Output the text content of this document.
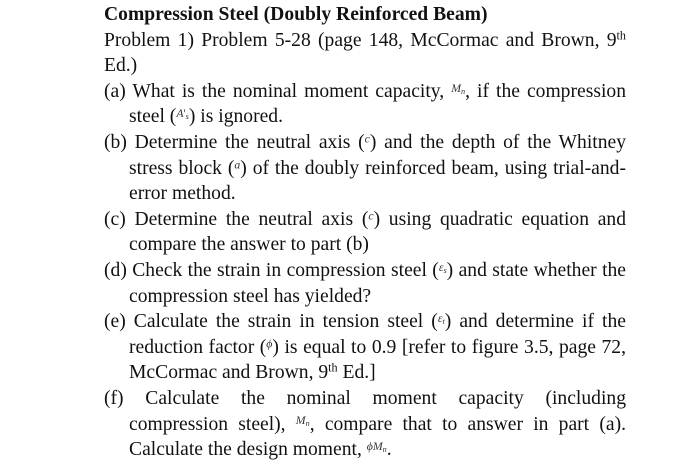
Compression Steel (Doubly Reinforced Beam)
Problem 1) Problem 5-28 (page 148, McCormac and Brown, 9th Ed.)
(a) What is the nominal moment capacity, $^{M_n}$, if the compression steel ($^{A'_s}$) is ignored.
(b) Determine the neutral axis ($^c$) and the depth of the Whitney stress block ($^a$) of the doubly reinforced beam, using trial-and-error method.
(c) Determine the neutral axis ($^c$) using quadratic equation and compare the answer to part (b)
(d) Check the strain in compression steel ($^{\varepsilon_s}$) and state whether the compression steel has yielded?
(e) Calculate the strain in tension steel ($^{\varepsilon_t}$) and determine if the reduction factor ($^\phi$) is equal to 0.9 [refer to figure 3.5, page 72, McCormac and Brown, 9th Ed.]
(f) Calculate the nominal moment capacity (including compression steel), $^{M_n}$, compare that to answer in part (a). Calculate the design moment, $^{\phi M_n}$.
